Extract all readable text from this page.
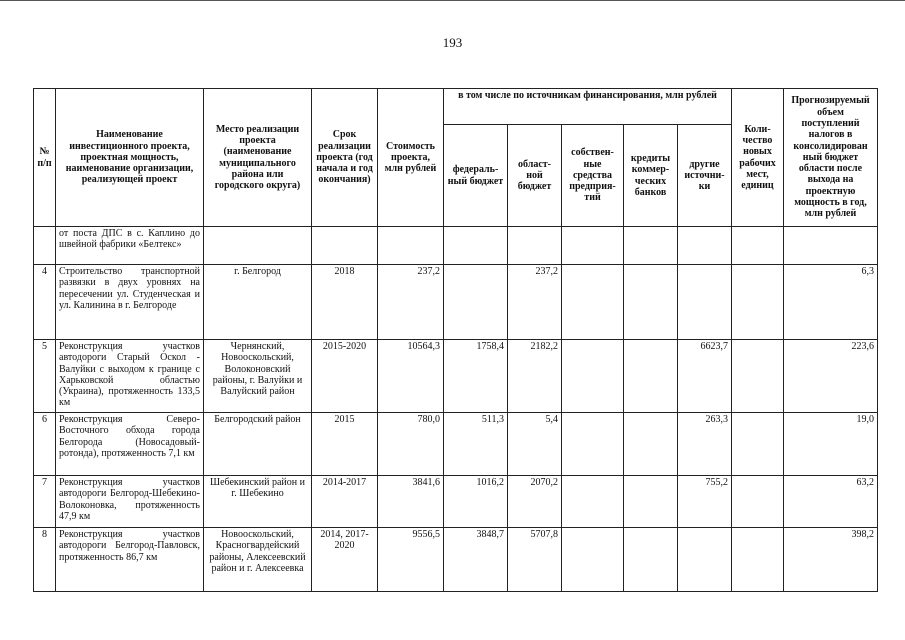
193
№
п/п	Наименование инвестиционного проекта, проектная мощность, наименование организации, реализующей проект	Место реализации проекта (наименование муниципального района или городского округа)	Срок реализации проекта (год начала и год окончания)	Стоимость проекта, млн рублей	в том числе по источникам финансирования, млн рублей					Коли-чество новых рабочих мест, единиц	Прогнозируемый объем поступлений налогов в консолидирован ный бюджет области после выхода на проектную мощность в год, млн рублей
					федераль-ный бюджет	област-ной бюджет	собствен-ные средства предприя-тий	кредиты коммер-ческих банков	другие источни-ки		
	от поста ДПС в с. Каплино до швейной фабрики «Белтекс»										
4	Строительство транспортной развязки в двух уровнях на пересечении ул. Студенческая и ул. Калинина в г. Белгороде	г. Белгород	2018	237,2		237,2					6,3
5	Реконструкция участков автодороги Старый Оскол - Валуйки с выходом к границе с Харьковской областью (Украина), протяженность 133,5 км	Чернянский, Новооскольский, Волоконовский районы, г. Валуйки и Валуйский район	2015-2020	10564,3	1758,4	2182,2			6623,7		223,6
6	Реконструкция Северо-Восточного обхода города Белгорода (Новосадовый-ротонда), протяженность 7,1 км	Белгородский район	2015	780,0	511,3	5,4			263,3		19,0
7	Реконструкция участков автодороги Белгород-Шебекино-Волоконовка, протяженность 47,9 км	Шебекинский район и г. Шебекино	2014-2017	3841,6	1016,2	2070,2			755,2		63,2
8	Реконструкция участков автодороги Белгород-Павловск, протяженность 86,7 км	Новооскольский, Красногвардейский районы, Алексеевский район и г. Алексеевка	2014, 2017-2020	9556,5	3848,7	5707,8					398,2
